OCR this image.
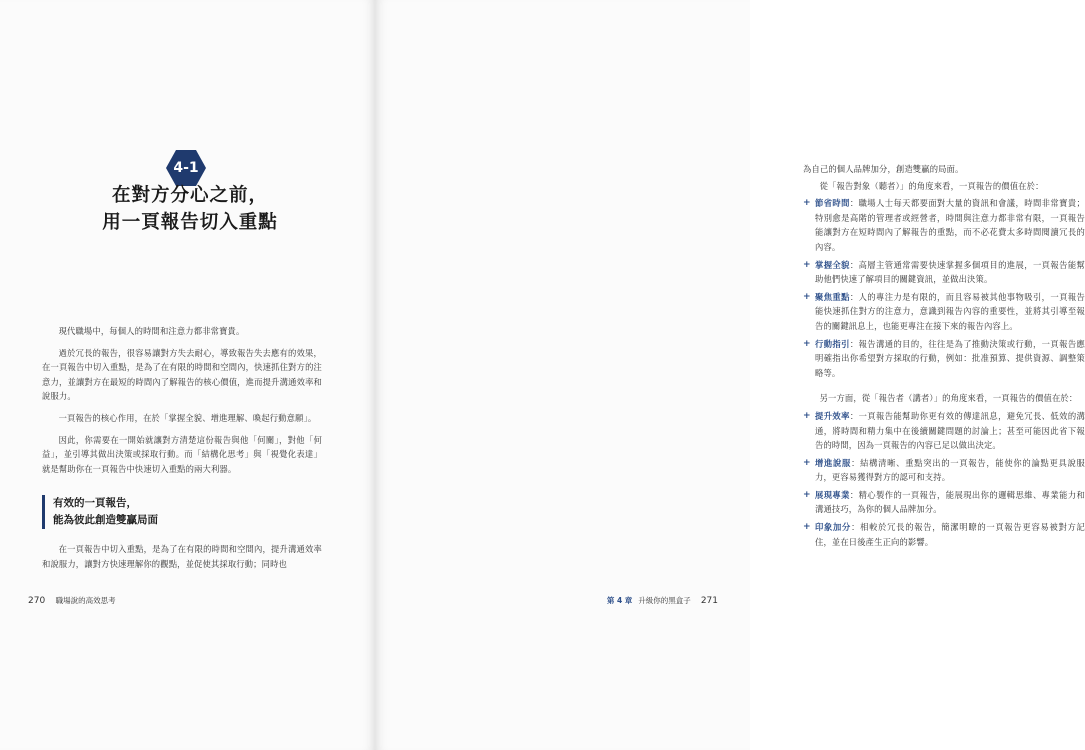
4-1
在對方分心之前，
用一頁報告切入重點

現代職場中，每個人的時間和注意力都非常寶貴。

過於冗長的報告，很容易讓對方失去耐心，導致報告失去應有的效果，在一頁報告中切入重點，是為了在有限的時間和空間內，快速抓住對方的注意力，並讓對方在最短的時間內了解報告的核心價值，進而提升溝通效率和說服力。

一頁報告的核心作用，在於「掌握全貌、增進理解、喚起行動意願」。

因此，你需要在一開始就讓對方清楚這份報告與他「何關」，對他「何益」，並引導其做出決策或採取行動。而「結構化思考」與「視覺化表達」就是幫助你在一頁報告中快速切入重點的兩大利器。

有效的一頁報告，
能為彼此創造雙贏局面

在一頁報告中切入重點，是為了在有限的時間和空間內，提升溝通效率和說服力，讓對方快速理解你的觀點，並促使其採取行動；同時也

270 職場說的高效思考

為自己的個人品牌加分，創造雙贏的局面。

從「報告對象（聽者）」的角度來看，一頁報告的價值在於：

+ 節省時間：職場人士每天都要面對大量的資訊和會議，時間非常寶貴；特別愈是高階的管理者或經營者，時間與注意力都非常有限，一頁報告能讓對方在短時間內了解報告的重點，而不必花費太多時間閱讀冗長的內容。
+ 掌握全貌：高層主管通常需要快速掌握多個項目的進展，一頁報告能幫助他們快速了解項目的關鍵資訊，並做出決策。
+ 聚焦重點：人的專注力是有限的，而且容易被其他事物吸引，一頁報告能快速抓住對方的注意力，意識到報告內容的重要性，並將其引導至報告的關鍵訊息上，也能更專注在接下來的報告內容上。
+ 行動指引：報告溝通的目的，往往是為了推動決策或行動，一頁報告應明確指出你希望對方採取的行動，例如：批准預算、提供資源、調整策略等。

另一方面，從「報告者（講者）」的角度來看，一頁報告的價值在於：

+ 提升效率：一頁報告能幫助你更有效的傳達訊息，避免冗長、低效的溝通，將時間和精力集中在後續關鍵問題的討論上；甚至可能因此省下報告的時間，因為一頁報告的內容已足以做出決定。
+ 增進說服：結構清晰、重點突出的一頁報告，能使你的論點更具說服力，更容易獲得對方的認可和支持。
+ 展現專業：精心製作的一頁報告，能展現出你的邏輯思維、專業能力和溝通技巧，為你的個人品牌加分。
+ 印象加分：相較於冗長的報告，簡潔明瞭的一頁報告更容易被對方記住，並在日後產生正向的影響。
第 4 章 升級你的黑盒子 271
